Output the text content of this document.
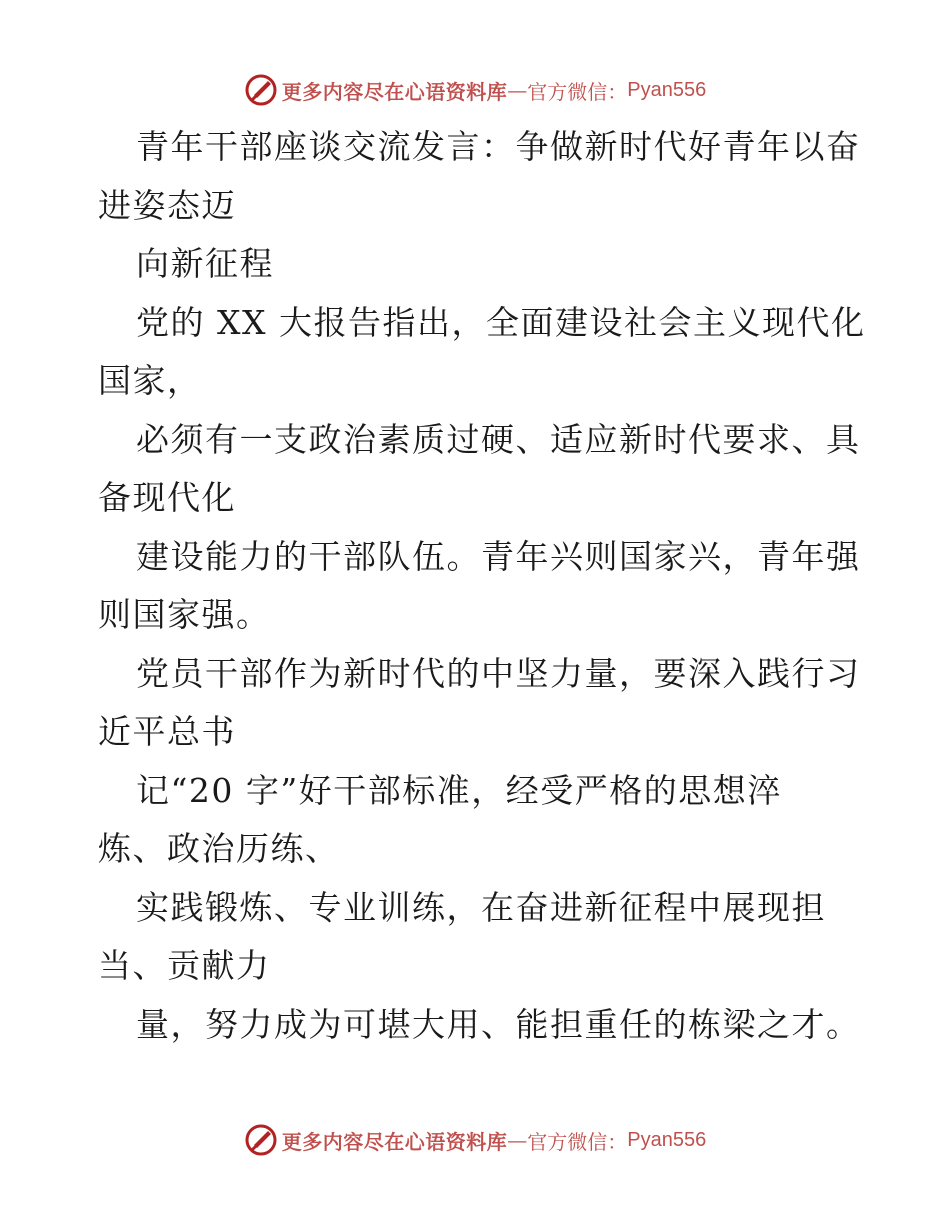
更多内容尽在心语资料库 — 官方微信： Pyan556
青年干部座谈交流发言：争做新时代好青年以奋
进姿态迈
向新征程
党的 XX 大报告指出，全面建设社会主义现代化
国家，
必须有一支政治素质过硬、适应新时代要求、具
备现代化
建设能力的干部队伍。青年兴则国家兴，青年强
则国家强。
党员干部作为新时代的中坚力量，要深入践行习
近平总书
记“20 字”好干部标准，经受严格的思想淬
炼、政治历练、
实践锻炼、专业训练，在奋进新征程中展现担
当、贡献力
量，努力成为可堪大用、能担重任的栋梁之才。
更多内容尽在心语资料库 — 官方微信： Pyan556
